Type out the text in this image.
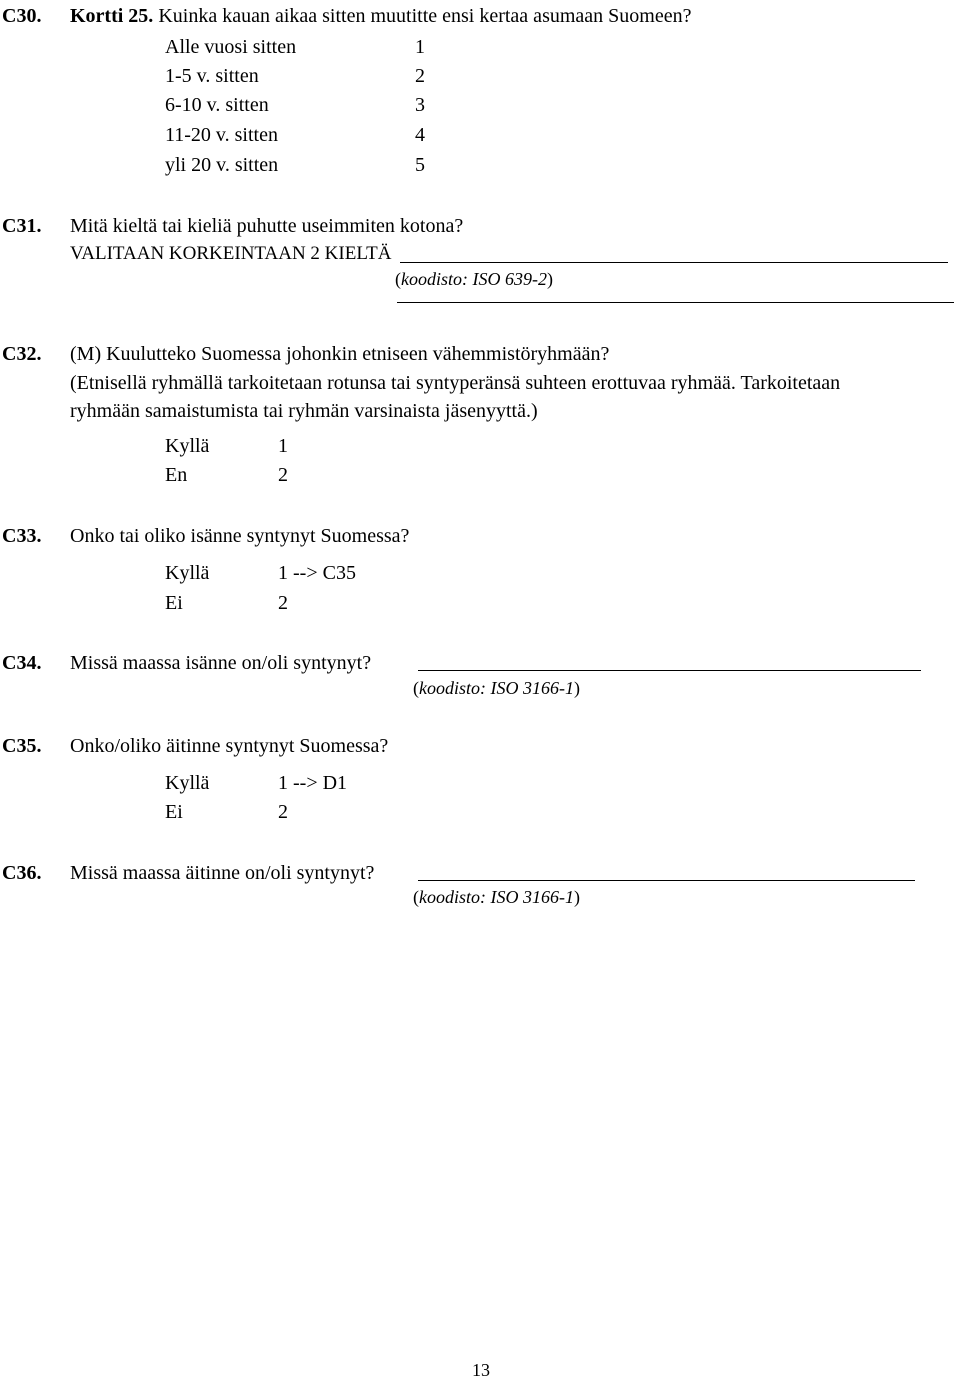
C30. Kortti 25. Kuinka kauan aikaa sitten muutitte ensi kertaa asumaan Suomeen?
Alle vuosi sitten	1
1-5 v. sitten	2
6-10 v. sitten	3
11-20 v. sitten	4
yli 20 v. sitten	5
C31. Mitä kieltä tai kieliä puhutte useimmiten kotona?
VALITAAN KORKEINTAAN 2 KIELTÄ
(koodisto: ISO 639-2)
C32. (M) Kuulutteko Suomessa johonkin etniseen vähemmistöryhmään?
(Etnisellä ryhmällä tarkoitetaan rotunsa tai syntyperänsä suhteen erottuvaa ryhmää. Tarkoitetaan
ryhmään samaistumista tai ryhmän varsinaista jäsenyyttä.)
Kyllä	1
En	2
C33. Onko tai oliko isänne syntynyt Suomessa?
Kyllä	1 --> C35
Ei	2
C34. Missä maassa isänne on/oli syntynyt?
(koodisto: ISO 3166-1)
C35. Onko/oliko äitinne syntynyt Suomessa?
Kyllä	1 --> D1
Ei	2
C36. Missä maassa äitinne on/oli syntynyt?
(koodisto: ISO 3166-1)
13
